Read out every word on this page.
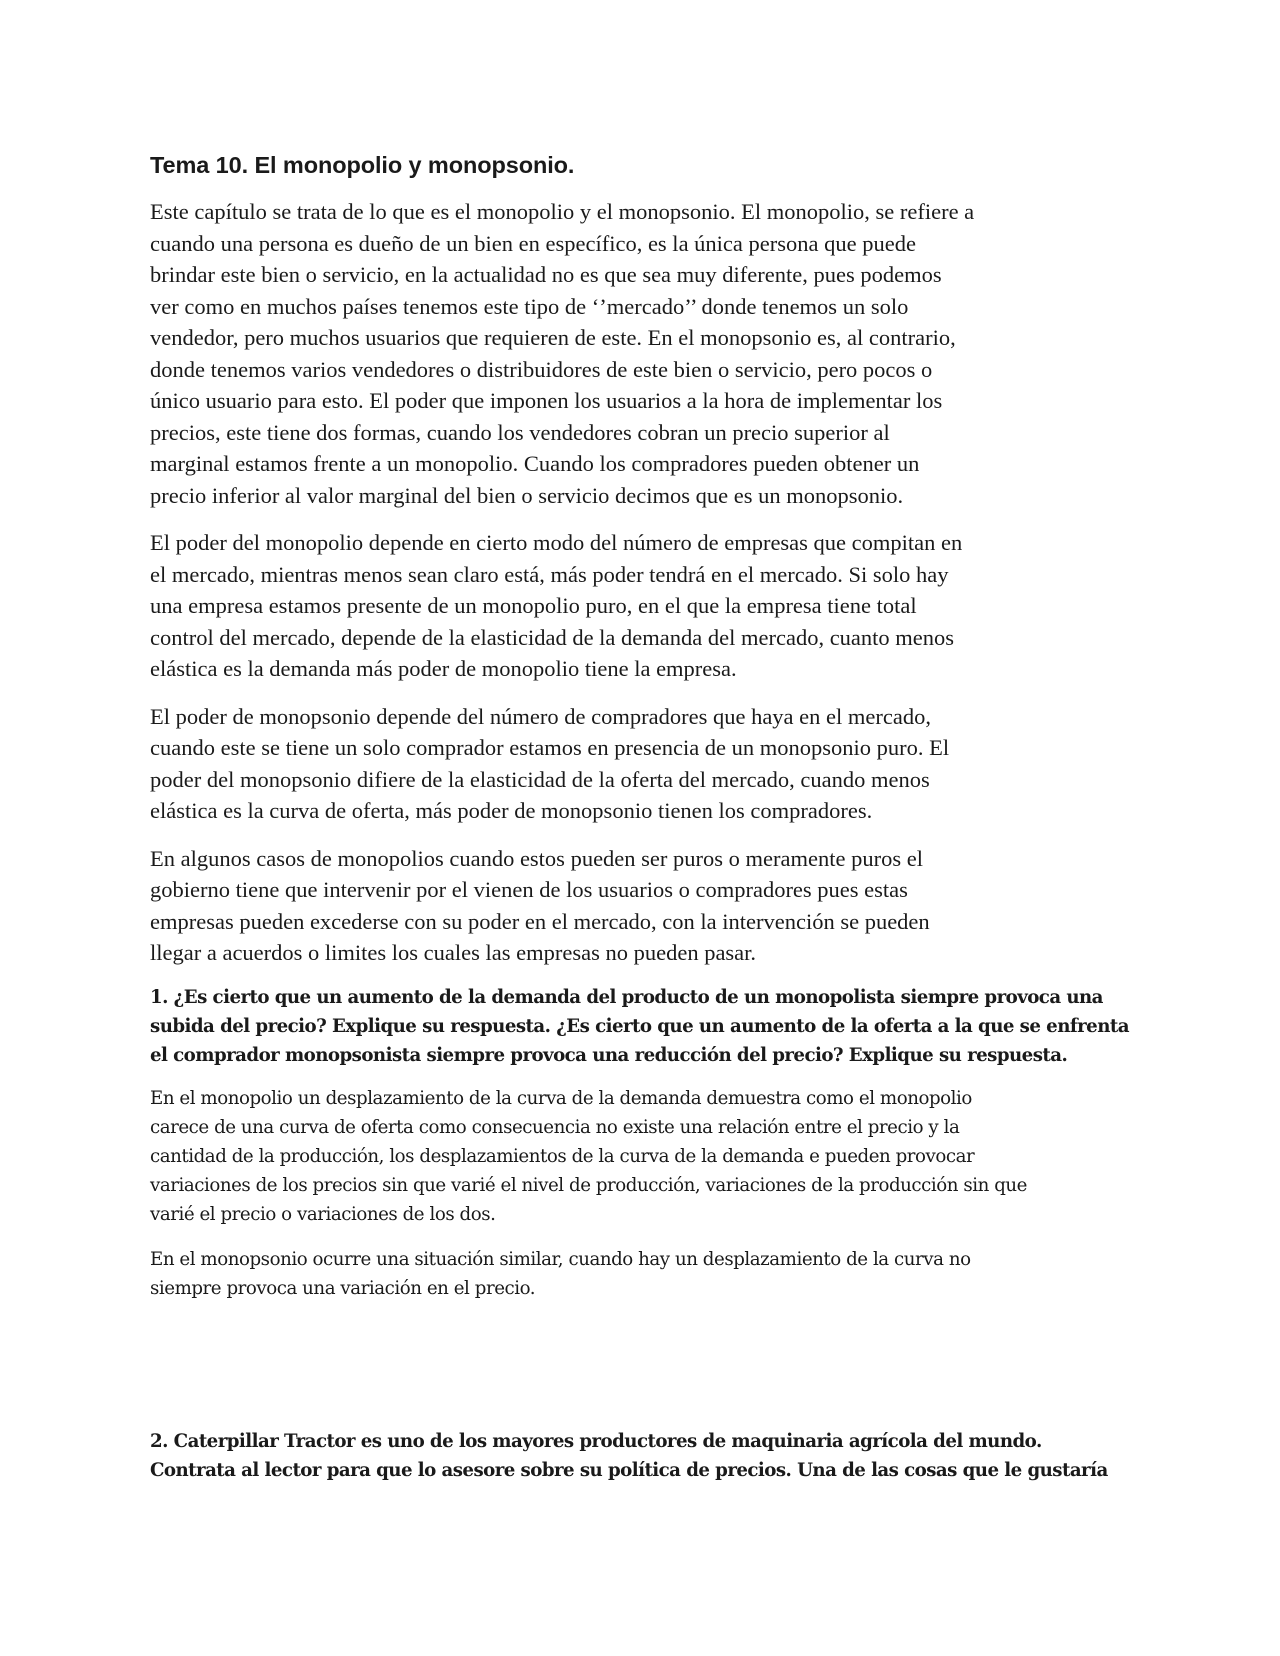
Tema 10. El monopolio y monopsonio.

Este capítulo se trata de lo que es el monopolio y el monopsonio. El monopolio, se refiere a
cuando una persona es dueño de un bien en específico, es la única persona que puede
brindar este bien o servicio, en la actualidad no es que sea muy diferente, pues podemos
ver como en muchos países tenemos este tipo de ‘’mercado’’ donde tenemos un solo
vendedor, pero muchos usuarios que requieren de este. En el monopsonio es, al contrario,
donde tenemos varios vendedores o distribuidores de este bien o servicio, pero pocos o
único usuario para esto. El poder que imponen los usuarios a la hora de implementar los
precios, este tiene dos formas, cuando los vendedores cobran un precio superior al
marginal estamos frente a un monopolio. Cuando los compradores pueden obtener un
precio inferior al valor marginal del bien o servicio decimos que es un monopsonio.

El poder del monopolio depende en cierto modo del número de empresas que compitan en
el mercado, mientras menos sean claro está, más poder tendrá en el mercado. Si solo hay
una empresa estamos presente de un monopolio puro, en el que la empresa tiene total
control del mercado, depende de la elasticidad de la demanda del mercado, cuanto menos
elástica es la demanda más poder de monopolio tiene la empresa.

El poder de monopsonio depende del número de compradores que haya en el mercado,
cuando este se tiene un solo comprador estamos en presencia de un monopsonio puro. El
poder del monopsonio difiere de la elasticidad de la oferta del mercado, cuando menos
elástica es la curva de oferta, más poder de monopsonio tienen los compradores.

En algunos casos de monopolios cuando estos pueden ser puros o meramente puros el
gobierno tiene que intervenir por el vienen de los usuarios o compradores pues estas
empresas pueden excederse con su poder en el mercado, con la intervención se pueden
llegar a acuerdos o limites los cuales las empresas no pueden pasar.

1. ¿Es cierto que un aumento de la demanda del producto de un monopolista siempre provoca una
subida del precio? Explique su respuesta. ¿Es cierto que un aumento de la oferta a la que se enfrenta
el comprador monopsonista siempre provoca una reducción del precio? Explique su respuesta.

En el monopolio un desplazamiento de la curva de la demanda demuestra como el monopolio
carece de una curva de oferta como consecuencia no existe una relación entre el precio y la
cantidad de la producción, los desplazamientos de la curva de la demanda e pueden provocar
variaciones de los precios sin que varié el nivel de producción, variaciones de la producción sin que
varié el precio o variaciones de los dos.

En el monopsonio ocurre una situación similar, cuando hay un desplazamiento de la curva no
siempre provoca una variación en el precio.

2. Caterpillar Tractor es uno de los mayores productores de maquinaria agrícola del mundo.
Contrata al lector para que lo asesore sobre su política de precios. Una de las cosas que le gustaría
